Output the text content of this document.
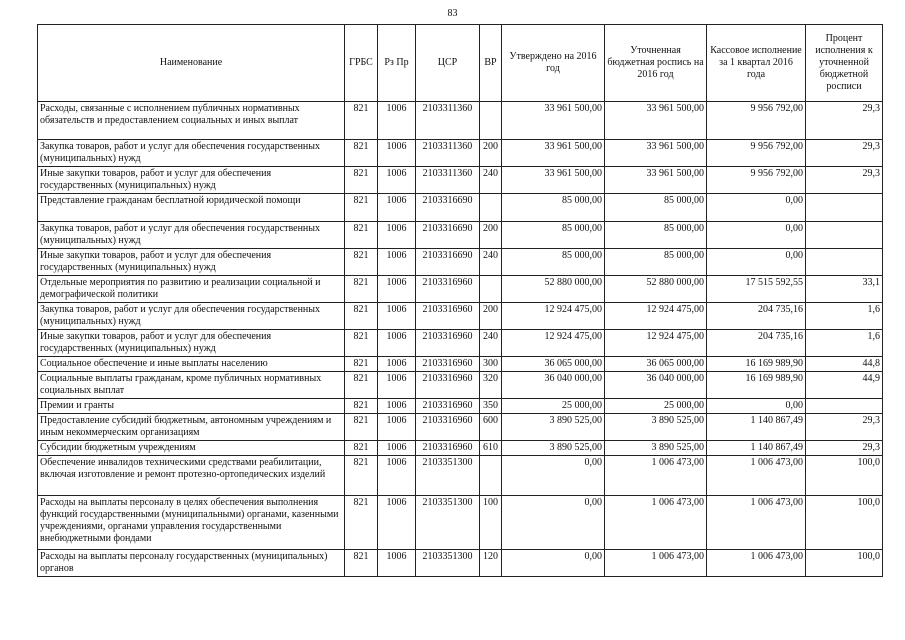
83
Наименование	ГРБС	Рз Пр	ЦСР	ВР	Утверждено на 2016 год	Уточненная бюджетная роспись на 2016 год	Кассовое исполнение за 1 квартал 2016 года	Процент исполнения к уточненной бюджетной росписи
Расходы, связанные с исполнением публичных нормативных обязательств и предоставлением социальных и иных выплат	821	1006	2103311360		33 961 500,00	33 961 500,00	9 956 792,00	29,3
Закупка товаров, работ и услуг для обеспечения государственных (муниципальных) нужд	821	1006	2103311360	200	33 961 500,00	33 961 500,00	9 956 792,00	29,3
Иные закупки товаров, работ и услуг для обеспечения государственных (муниципальных) нужд	821	1006	2103311360	240	33 961 500,00	33 961 500,00	9 956 792,00	29,3
Представление гражданам бесплатной юридической помощи	821	1006	2103316690		85 000,00	85 000,00	0,00	
Закупка товаров, работ и услуг для обеспечения государственных (муниципальных) нужд	821	1006	2103316690	200	85 000,00	85 000,00	0,00	
Иные закупки товаров, работ и услуг для обеспечения государственных (муниципальных) нужд	821	1006	2103316690	240	85 000,00	85 000,00	0,00	
Отдельные мероприятия по развитию и реализации социальной и демографической политики	821	1006	2103316960		52 880 000,00	52 880 000,00	17 515 592,55	33,1
Закупка товаров, работ и услуг для обеспечения государственных (муниципальных) нужд	821	1006	2103316960	200	12 924 475,00	12 924 475,00	204 735,16	1,6
Иные закупки товаров, работ и услуг для обеспечения государственных (муниципальных) нужд	821	1006	2103316960	240	12 924 475,00	12 924 475,00	204 735,16	1,6
Социальное обеспечение и иные выплаты населению	821	1006	2103316960	300	36 065 000,00	36 065 000,00	16 169 989,90	44,8
Социальные выплаты гражданам, кроме публичных нормативных социальных выплат	821	1006	2103316960	320	36 040 000,00	36 040 000,00	16 169 989,90	44,9
Премии и гранты	821	1006	2103316960	350	25 000,00	25 000,00	0,00	
Предоставление субсидий бюджетным, автономным учреждениям и иным некоммерческим организациям	821	1006	2103316960	600	3 890 525,00	3 890 525,00	1 140 867,49	29,3
Субсидии бюджетным учреждениям	821	1006	2103316960	610	3 890 525,00	3 890 525,00	1 140 867,49	29,3
Обеспечение инвалидов техническими средствами реабилитации, включая изготовление и ремонт протезно-ортопедических изделий	821	1006	2103351300		0,00	1 006 473,00	1 006 473,00	100,0
Расходы на выплаты персоналу в целях обеспечения выполнения функций государственными (муниципальными) органами, казенными учреждениями, органами управления государственными внебюджетными фондами	821	1006	2103351300	100	0,00	1 006 473,00	1 006 473,00	100,0
Расходы на выплаты персоналу государственных (муниципальных) органов	821	1006	2103351300	120	0,00	1 006 473,00	1 006 473,00	100,0
